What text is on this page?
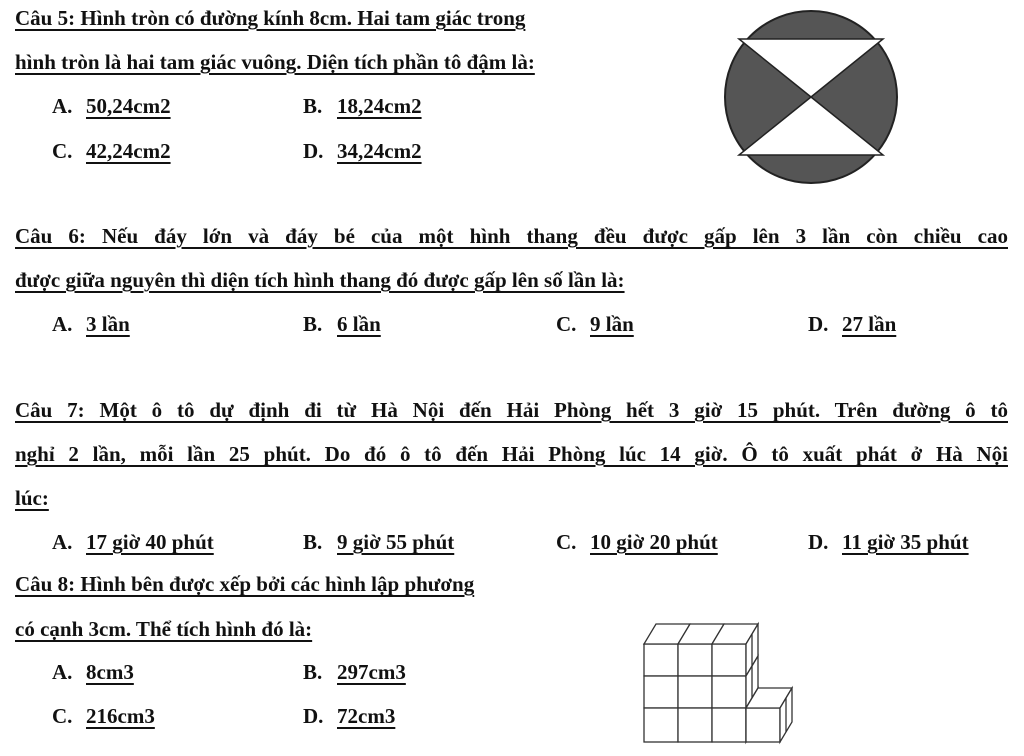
Câu 5: Hình tròn có đường kính 8cm. Hai tam giác trong
hình tròn là hai tam giác vuông. Diện tích phần tô đậm là:
A. 50,24cm2	B. 18,24cm2
C. 42,24cm2	D. 34,24cm2
Câu 6: Nếu đáy lớn và đáy bé của một hình thang đều được gấp lên 3 lần còn chiều cao
được giữa nguyên thì diện tích hình thang đó được gấp lên số lần là:
A. 3 lần	B. 6 lần	C. 9 lần	D. 27 lần
Câu 7: Một ô tô dự định đi từ Hà Nội đến Hải Phòng hết 3 giờ 15 phút. Trên đường ô tô
nghỉ 2 lần, mỗi lần 25 phút. Do đó ô tô đến Hải Phòng lúc 14 giờ. Ô tô xuất phát ở Hà Nội
lúc:
A. 17 giờ 40 phút	B. 9 giờ 55 phút	C. 10 giờ 20 phút	D. 11 giờ 35 phút
Câu 8: Hình bên được xếp bởi các hình lập phương
có cạnh 3cm. Thể tích hình đó là:
A. 8cm3	B. 297cm3
C. 216cm3	D. 72cm3
